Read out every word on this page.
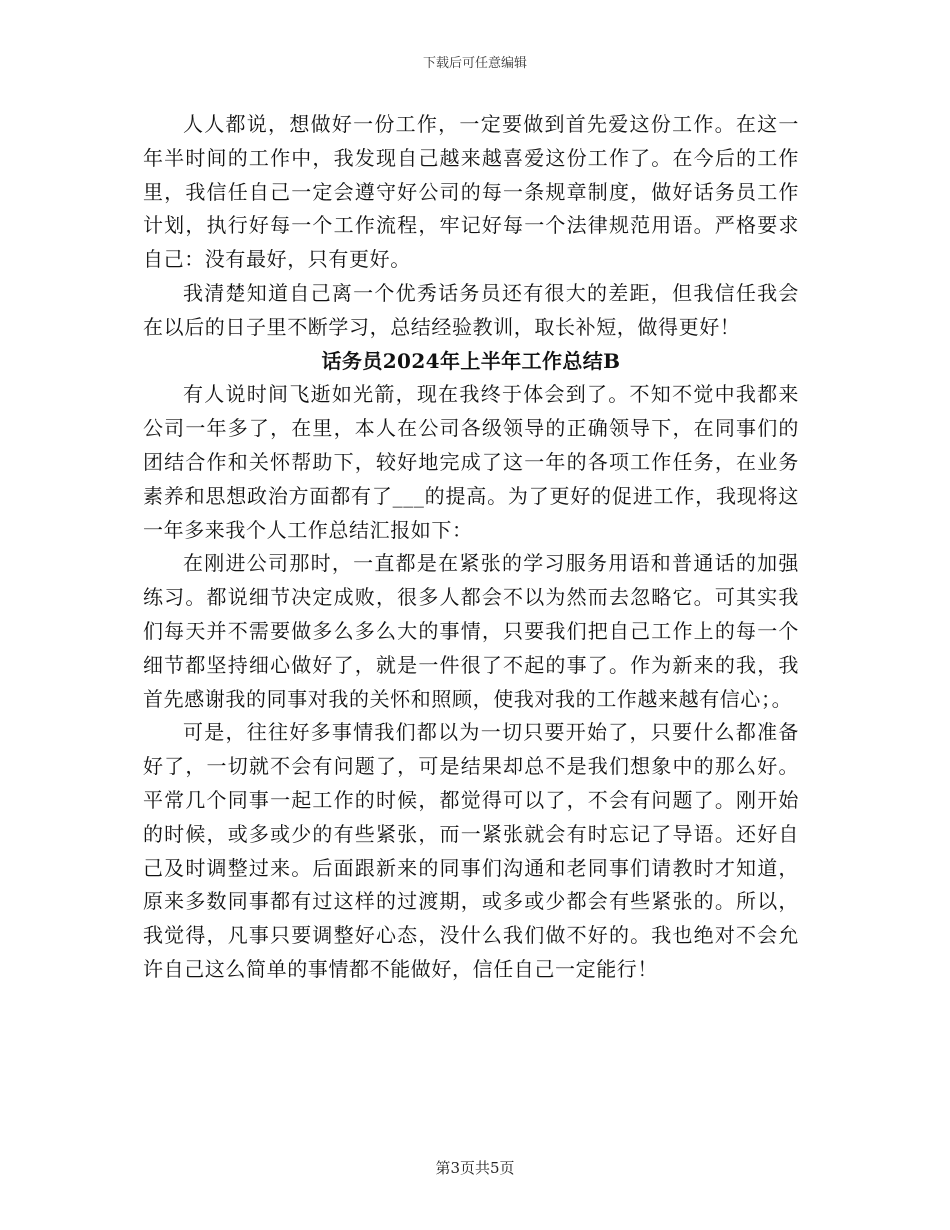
下载后可任意编辑

人人都说，想做好一份工作，一定要做到首先爱这份工作。在这一年半时间的工作中，我发现自己越来越喜爱这份工作了。在今后的工作里，我信任自己一定会遵守好公司的每一条规章制度，做好话务员工作计划，执行好每一个工作流程，牢记好每一个法律规范用语。严格要求自己：没有最好，只有更好。

我清楚知道自己离一个优秀话务员还有很大的差距，但我信任我会在以后的日子里不断学习，总结经验教训，取长补短，做得更好！

话务员2024年上半年工作总结B

有人说时间飞逝如光箭，现在我终于体会到了。不知不觉中我都来公司一年多了，在里，本人在公司各级领导的正确领导下，在同事们的团结合作和关怀帮助下，较好地完成了这一年的各项工作任务，在业务素养和思想政治方面都有了___的提高。为了更好的促进工作，我现将这一年多来我个人工作总结汇报如下：

在刚进公司那时，一直都是在紧张的学习服务用语和普通话的加强练习。都说细节决定成败，很多人都会不以为然而去忽略它。可其实我们每天并不需要做多么多么大的事情，只要我们把自己工作上的每一个细节都坚持细心做好了，就是一件很了不起的事了。作为新来的我，我首先感谢我的同事对我的关怀和照顾，使我对我的工作越来越有信心；。

可是，往往好多事情我们都以为一切只要开始了，只要什么都准备好了，一切就不会有问题了，可是结果却总不是我们想象中的那么好。平常几个同事一起工作的时候，都觉得可以了，不会有问题了。刚开始的时候，或多或少的有些紧张，而一紧张就会有时忘记了导语。还好自己及时调整过来。后面跟新来的同事们沟通和老同事们请教时才知道，原来多数同事都有过这样的过渡期，或多或少都会有些紧张的。所以，我觉得，凡事只要调整好心态，没什么我们做不好的。我也绝对不会允许自己这么简单的事情都不能做好，信任自己一定能行！

第3页共5页
